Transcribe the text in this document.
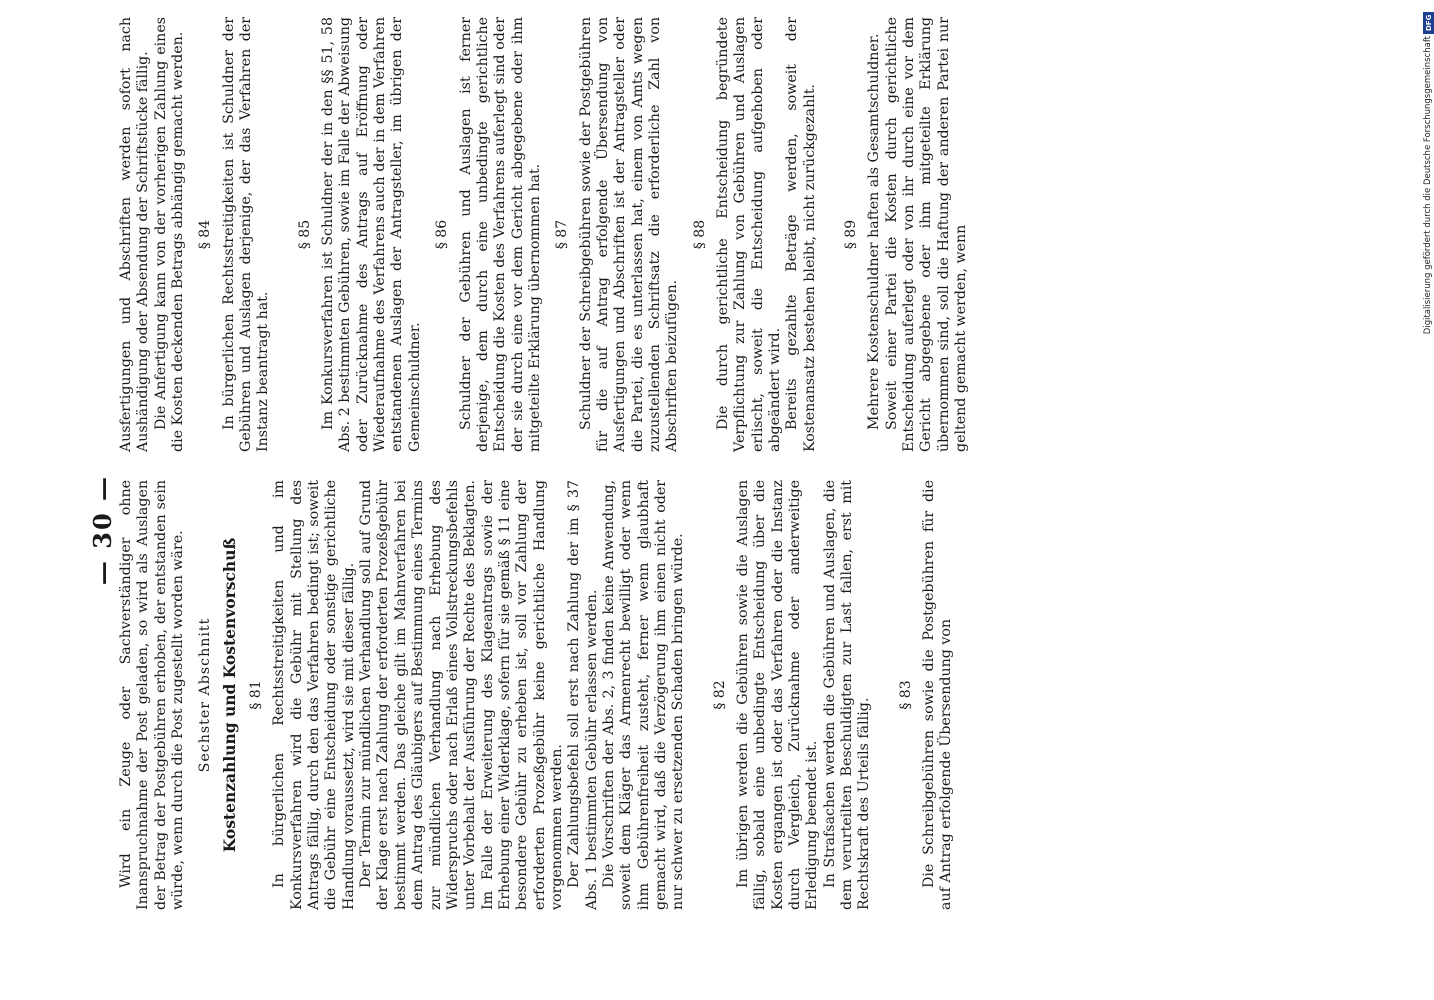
— 30 — Wird ein Zeuge oder Sachverständiger ohne Inanspruchnahme der Post geladen, so wird als Auslagen der Betrag der Postgebühren erhoben, der entstanden sein würde, wenn durch die Post zugestellt worden wäre. Sechster Abschnitt Kostenzahlung und Kostenvorschuß § 81 In bürgerlichen Rechtsstreitigkeiten und im Konkursverfahren wird die Gebühr mit Stellung des Antrags fällig, durch den das Verfahren bedingt ist; soweit die Gebühr eine Entscheidung oder sonstige gerichtliche Handlung voraussetzt, wird sie mit dieser fällig. Der Termin zur mündlichen Verhandlung soll auf Grund der Klage erst nach Zahlung der erforderten Prozeßgebühr bestimmt werden. Das gleiche gilt im Mahnverfahren bei dem Antrag des Gläubigers auf Bestimmung eines Termins zur mündlichen Verhandlung nach Erhebung des Widerspruchs oder nach Erlaß eines Vollstreckungsbefehls unter Vorbehalt der Ausführung der Rechte des Beklagten. Im Falle der Erweiterung des Klageantrags sowie der Erhebung einer Widerklage, sofern für sie gemäß § 11 eine besondere Gebühr zu erheben ist, soll vor Zahlung der erforderten Prozeßgebühr keine gerichtliche Handlung vorgenommen werden. Der Zahlungsbefehl soll erst nach Zahlung der im § 37 Abs. 1 bestimmten Gebühr erlassen werden. Die Vorschriften der Abs. 2, 3 finden keine Anwendung, soweit dem Kläger das Armenrecht bewilligt oder wenn ihm Gebührenfreiheit zusteht, ferner wenn glaubhaft gemacht wird, daß die Verzögerung ihm einen nicht oder nur schwer zu ersetzenden Schaden bringen würde. § 82 Im übrigen werden die Gebühren sowie die Auslagen fällig, sobald eine unbedingte Entscheidung über die Kosten ergangen ist oder das Verfahren oder die Instanz durch Vergleich, Zurücknahme oder anderweitige Erledigung beendet ist. In Strafsachen werden die Gebühren und Auslagen, die dem verurteilten Beschuldigten zur Last fallen, erst mit Rechtskraft des Urteils fällig.

§ 83 Die Schreibgebühren sowie die Postgebühren für die auf Antrag erfolgende Übersendung von

Ausfertigungen und Abschriften werden sofort nach Aushändigung oder Absendung der Schriftstücke fällig. Die Anfertigung kann von der vorherigen Zahlung eines die Kosten deckenden Betrags abhängig gemacht werden. § 84 In bürgerlichen Rechtsstreitigkeiten ist Schuldner der Gebühren und Auslagen derjenige, der das Verfahren der Instanz beantragt hat.

§ 85 Im Konkursverfahren ist Schuldner der in den §§ 51, 58 Abs. 2 bestimmten Gebühren, sowie im Falle der Abweisung oder Zurücknahme des Antrags auf Eröffnung oder Wiederaufnahme des Verfahrens auch der in dem Verfahren entstandenen Auslagen der Antragsteller, im übrigen der Gemeinschuldner.

§ 86 Schuldner der Gebühren und Auslagen ist ferner derjenige, dem durch eine unbedingte gerichtliche Entscheidung die Kosten des Verfahrens auferlegt sind oder der sie durch eine vor dem Gericht abgegebene oder ihm mitgeteilte Erklärung übernommen hat. § 87 Schuldner der Schreibgebühren sowie der Postgebühren für die auf Antrag erfolgende Übersendung von Ausfertigungen und Abschriften ist der Antragsteller oder die Partei, die es unterlassen hat, einem von Amts wegen zuzustellenden Schriftsatz die erforderliche Zahl von Abschriften beizufügen.

§ 88 Die durch gerichtliche Entscheidung begründete Verpflichtung zur Zahlung von Gebühren und Auslagen erlischt, soweit die Entscheidung aufgehoben oder abgeändert wird. Bereits gezahlte Beträge werden, soweit der Kostenansatz bestehen bleibt, nicht zurückgezahlt. § 89 Mehrere Kostenschuldner haften als Gesamtschuldner. Soweit einer Partei die Kosten durch gerichtliche Entscheidung auferlegt oder von ihr durch eine vor dem Gericht abgegebene oder ihm mitgeteilte Erklärung übernommen sind, soll die Haftung der anderen Partei nur geltend gemacht werden, wenn

DFG
Digitalisierung gefördert durch die Deutsche Forschungsgemeinschaft
